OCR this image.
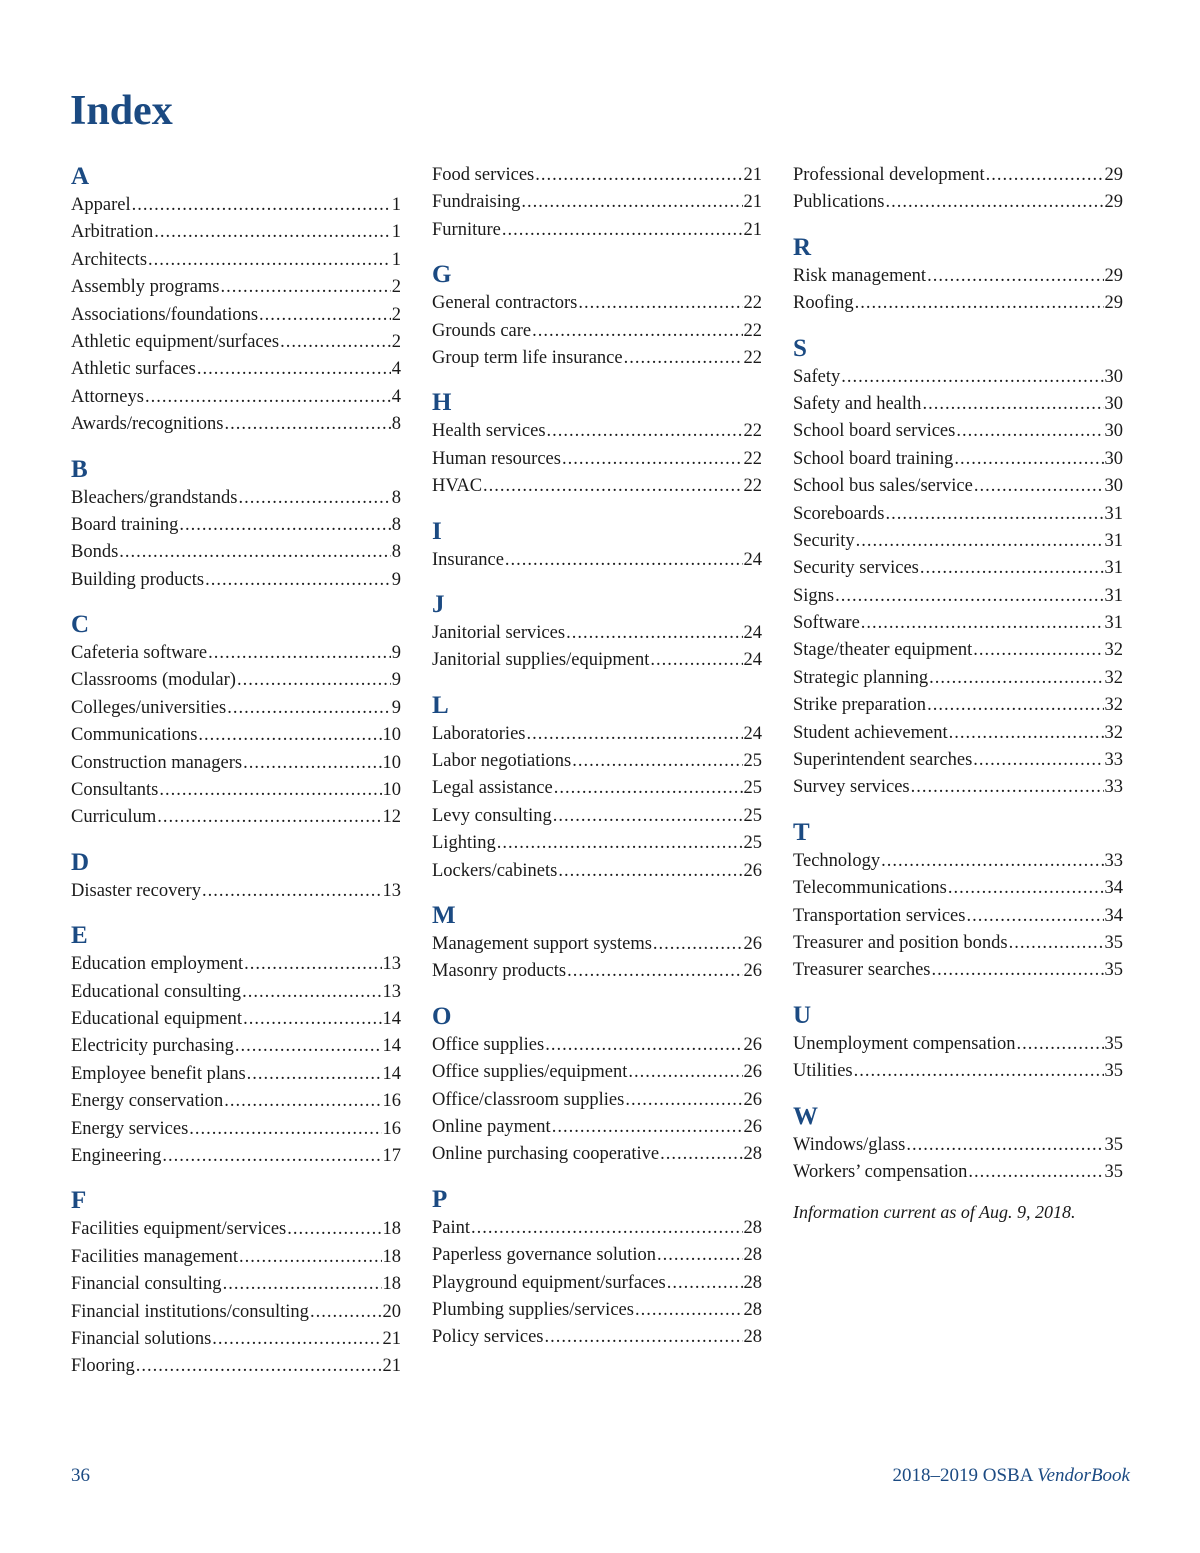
Index
A
Apparel .....	1
Arbitration .....	1
Architects .....	1
Assembly programs .....	2
Associations/foundations .....	2
Athletic equipment/surfaces .....	2
Athletic surfaces .....	4
Attorneys .....	4
Awards/recognitions .....	8
B
Bleachers/grandstands .....	8
Board training .....	8
Bonds .....	8
Building products .....	9
C
Cafeteria software .....	9
Classrooms (modular) .....	9
Colleges/universities .....	9
Communications .....	10
Construction managers .....	10
Consultants .....	10
Curriculum .....	12
D
Disaster recovery .....	13
E
Education employment .....	13
Educational consulting .....	13
Educational equipment .....	14
Electricity purchasing .....	14
Employee benefit plans .....	14
Energy conservation .....	16
Energy services .....	16
Engineering .....	17
F
Facilities equipment/services .....	18
Facilities management .....	18
Financial consulting .....	18
Financial institutions/consulting .....	20
Financial solutions .....	21
Flooring .....	21
Food services .....	21
Fundraising .....	21
Furniture .....	21
G
General contractors .....	22
Grounds care .....	22
Group term life insurance .....	22
H
Health services .....	22
Human resources .....	22
HVAC .....	22
I
Insurance .....	24
J
Janitorial services .....	24
Janitorial supplies/equipment .....	24
L
Laboratories .....	24
Labor negotiations .....	25
Legal assistance .....	25
Levy consulting .....	25
Lighting .....	25
Lockers/cabinets .....	26
M
Management support systems .....	26
Masonry products .....	26
O
Office supplies .....	26
Office supplies/equipment .....	26
Office/classroom supplies .....	26
Online payment .....	26
Online purchasing cooperative .....	28
P
Paint .....	28
Paperless governance solution .....	28
Playground equipment/surfaces .....	28
Plumbing supplies/services .....	28
Policy services .....	28
Professional development .....	29
Publications .....	29
R
Risk management .....	29
Roofing .....	29
S
Safety .....	30
Safety and health .....	30
School board services .....	30
School board training .....	30
School bus sales/service .....	30
Scoreboards .....	31
Security .....	31
Security services .....	31
Signs .....	31
Software .....	31
Stage/theater equipment .....	32
Strategic planning .....	32
Strike preparation .....	32
Student achievement .....	32
Superintendent searches .....	33
Survey services .....	33
T
Technology .....	33
Telecommunications .....	34
Transportation services .....	34
Treasurer and position bonds .....	35
Treasurer searches .....	35
U
Unemployment compensation .....	35
Utilities .....	35
W
Windows/glass .....	35
Workers’ compensation .....	35
Information current as of Aug. 9, 2018.
36	2018–2019 OSBA VendorBook
